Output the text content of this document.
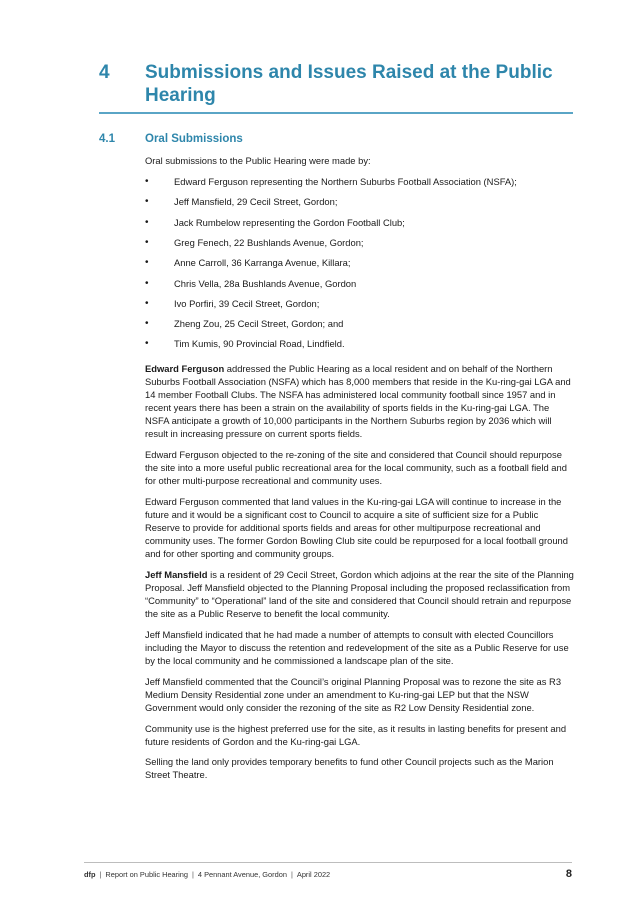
4	Submissions and Issues Raised at the Public Hearing
4.1	Oral Submissions

Oral submissions to the Public Hearing were made by:

•	Edward Ferguson representing the Northern Suburbs Football Association (NSFA);
•	Jeff Mansfield, 29 Cecil Street, Gordon;
•	Jack Rumbelow representing the Gordon Football Club;
•	Greg Fenech, 22 Bushlands Avenue, Gordon;
•	Anne Carroll, 36 Karranga Avenue, Killara;
•	Chris Vella, 28a Bushlands Avenue, Gordon
•	Ivo Porfiri, 39 Cecil Street, Gordon;
•	Zheng Zou, 25 Cecil Street, Gordon; and
•	Tim Kumis, 90 Provincial Road, Lindfield.

Edward Ferguson addressed the Public Hearing as a local resident and on behalf of the Northern Suburbs Football Association (NSFA) which has 8,000 members that reside in the Ku-ring-gai LGA and 14 member Football Clubs. The NSFA has administered local community football since 1957 and in recent years there has been a strain on the availability of sports fields in the Ku-ring-gai LGA. The NSFA anticipate a growth of 10,000 participants in the Northern Suburbs region by 2036 which will result in increasing pressure on current sports fields.

Edward Ferguson objected to the re-zoning of the site and considered that Council should repurpose the site into a more useful public recreational area for the local community, such as a football field and for other multi-purpose recreational and community uses.

Edward Ferguson commented that land values in the Ku-ring-gai LGA will continue to increase in the future and it would be a significant cost to Council to acquire a site of sufficient size for a Public Reserve to provide for additional sports fields and areas for other multipurpose recreational and community uses. The former Gordon Bowling Club site could be repurposed for a local football ground and for other sporting and community groups.

Jeff Mansfield is a resident of 29 Cecil Street, Gordon which adjoins at the rear the site of the Planning Proposal. Jeff Mansfield objected to the Planning Proposal including the proposed reclassification from “Community” to “Operational” land of the site and considered that Council should retrain and repurpose the site as a Public Reserve to benefit the local community.

Jeff Mansfield indicated that he had made a number of attempts to consult with elected Councillors including the Mayor to discuss the retention and redevelopment of the site as a Public Reserve for use by the local community and he commissioned a landscape plan of the site.

Jeff Mansfield commented that the Council’s original Planning Proposal was to rezone the site as R3 Medium Density Residential zone under an amendment to Ku-ring-gai LEP but that the NSW Government would only consider the rezoning of the site as R2 Low Density Residential zone.

Community use is the highest preferred use for the site, as it results in lasting benefits for present and future residents of Gordon and the Ku-ring-gai LGA.

Selling the land only provides temporary benefits to fund other Council projects such as the Marion Street Theatre.

dfp | Report on Public Hearing | 4 Pennant Avenue, Gordon | April 2022	8
